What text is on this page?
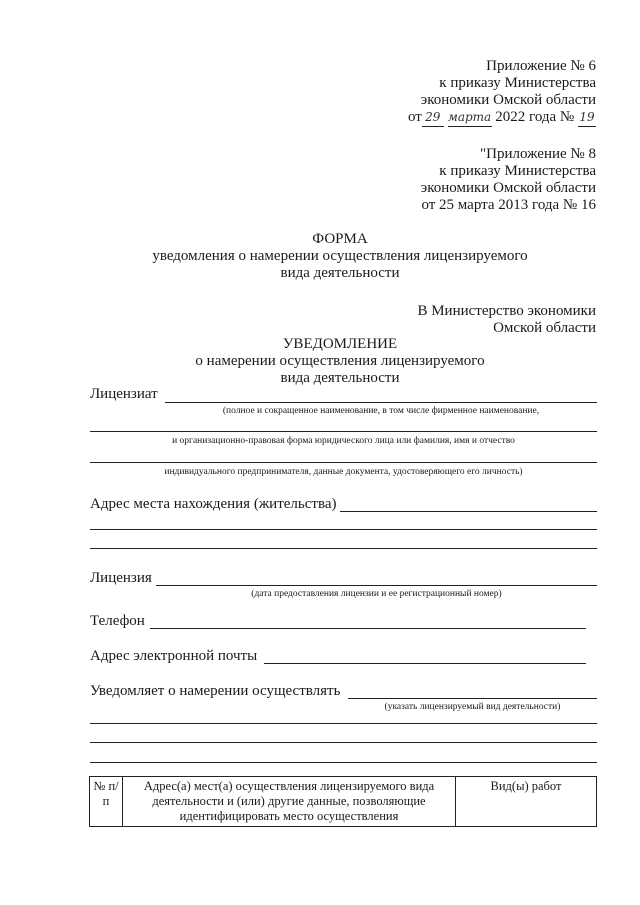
Приложение № 6
к приказу Министерства
экономики Омской области
от 29 марта 2022 года № 19
"Приложение № 8
к приказу Министерства
экономики Омской области
от 25 марта 2013 года № 16
ФОРМА
уведомления о намерении осуществления лицензируемого
вида деятельности
В Министерство экономики
Омской области
УВЕДОМЛЕНИЕ
о намерении осуществления лицензируемого
вида деятельности
Лицензиат
(полное и сокращенное наименование, в том числе фирменное наименование,
и организационно-правовая форма юридического лица или фамилия, имя и отчество
индивидуального предпринимателя, данные документа, удостоверяющего его личность)
Адрес места нахождения (жительства)
Лицензия
(дата предоставления лицензии и ее регистрационный номер)
Телефон
Адрес электронной почты
Уведомляет о намерении осуществлять
(указать лицензируемый вид деятельности)
№ п/п	Адрес(а) мест(а) осуществления лицензируемого вида деятельности и (или) другие данные, позволяющие идентифицировать место осуществления	Вид(ы) работ
